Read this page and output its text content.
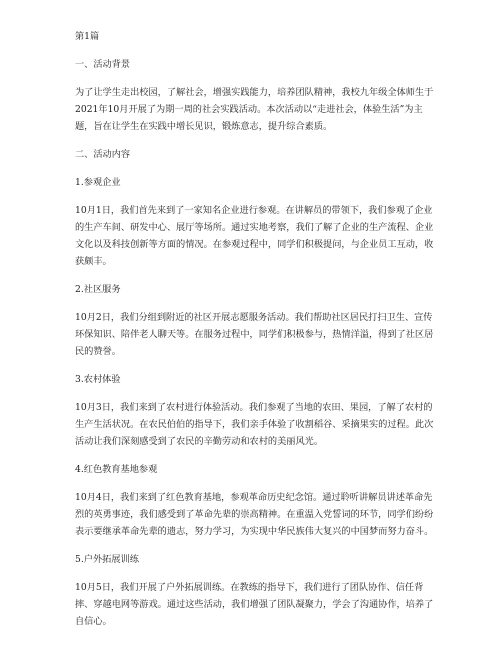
第1篇

一、活动背景

为了让学生走出校园，了解社会，增强实践能力，培养团队精神，我校九年级全体师生于2021年10月开展了为期一周的社会实践活动。本次活动以“走进社会，体验生活”为主题，旨在让学生在实践中增长见识，锻炼意志，提升综合素质。

二、活动内容

1.参观企业

10月1日，我们首先来到了一家知名企业进行参观。在讲解员的带领下，我们参观了企业的生产车间、研发中心、展厅等场所。通过实地考察，我们了解了企业的生产流程、企业文化以及科技创新等方面的情况。在参观过程中，同学们积极提问，与企业员工互动，收获颇丰。

2.社区服务

10月2日，我们分组到附近的社区开展志愿服务活动。我们帮助社区居民打扫卫生、宣传环保知识、陪伴老人聊天等。在服务过程中，同学们积极参与，热情洋溢，得到了社区居民的赞誉。

3.农村体验

10月3日，我们来到了农村进行体验活动。我们参观了当地的农田、果园，了解了农村的生产生活状况。在农民伯伯的指导下，我们亲手体验了收割稻谷、采摘果实的过程。此次活动让我们深刻感受到了农民的辛勤劳动和农村的美丽风光。

4.红色教育基地参观

10月4日，我们来到了红色教育基地，参观革命历史纪念馆。通过聆听讲解员讲述革命先烈的英勇事迹，我们感受到了革命先辈的崇高精神。在重温入党誓词的环节，同学们纷纷表示要继承革命先辈的遗志，努力学习，为实现中华民族伟大复兴的中国梦而努力奋斗。

5.户外拓展训练

10月5日，我们开展了户外拓展训练。在教练的指导下，我们进行了团队协作、信任背摔、穿越电网等游戏。通过这些活动，我们增强了团队凝聚力，学会了沟通协作，培养了自信心。
